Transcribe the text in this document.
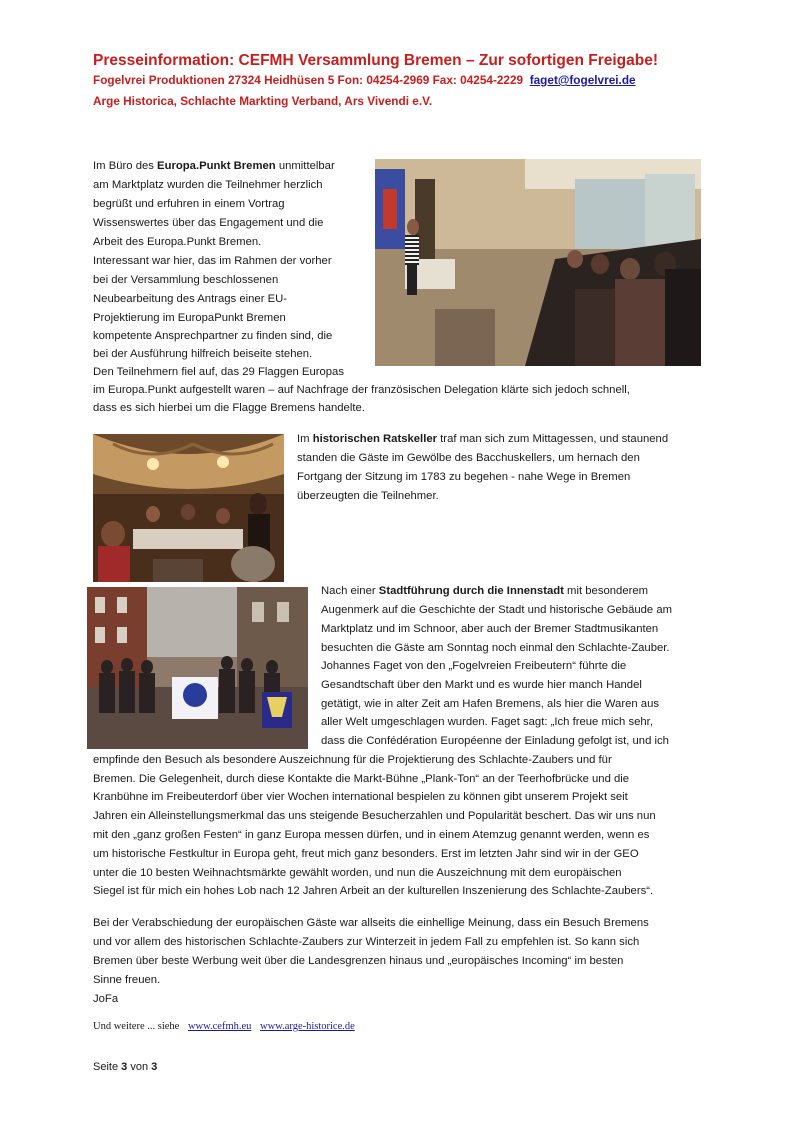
Presseinformation: CEFMH Versammlung Bremen – Zur sofortigen Freigabe!
Fogelvrei Produktionen 27324 Heidhüsen 5 Fon: 04254-2969 Fax: 04254-2229 faget@fogelvrei.de
Arge Historica, Schlachte Markting Verband, Ars Vivendi e.V.
Im Büro des Europa.Punkt Bremen unmittelbar
am Marktplatz wurden die Teilnehmer herzlich
begrüßt und erfuhren in einem Vortrag
Wissenswertes über das Engagement und die
Arbeit des Europa.Punkt Bremen.
Interessant war hier, das im Rahmen der vorher
bei der Versammlung beschlossenen
Neubearbeitung des Antrags einer EU-
Projektierung im EuropaPunkt Bremen
kompetente Ansprechpartner zu finden sind, die
bei der Ausführung hilfreich beiseite stehen.
Den Teilnehmern fiel auf, das 29 Flaggen Europas
im Europa.Punkt aufgestellt waren – auf Nachfrage der französischen Delegation klärte sich jedoch schnell,
dass es sich hierbei um die Flagge Bremens handelte.
Im historischen Ratskeller traf man sich zum Mittagessen, und staunend
standen die Gäste im Gewölbe des Bacchuskellers, um hernach den
Fortgang der Sitzung im 1783 zu begehen - nahe Wege in Bremen
überzeugten die Teilnehmer.
Nach einer Stadtführung durch die Innenstadt mit besonderem
Augenmerk auf die Geschichte der Stadt und historische Gebäude am
Marktplatz und im Schnoor, aber auch der Bremer Stadtmusikanten
besuchten die Gäste am Sonntag noch einmal den Schlachte-Zauber.
Johannes Faget von den „Fogelvreien Freibeutern“ führte die
Gesandtschaft über den Markt und es wurde hier manch Handel
getätigt, wie in alter Zeit am Hafen Bremens, als hier die Waren aus
aller Welt umgeschlagen wurden. Faget sagt: „Ich freue mich sehr,
dass die Confédération Européenne der Einladung gefolgt ist, und ich
empfinde den Besuch als besondere Auszeichnung für die Projektierung des Schlachte-Zaubers und für
Bremen. Die Gelegenheit, durch diese Kontakte die Markt-Bühne „Plank-Ton“ an der Teerhofbrücke und die
Kranbühne im Freibeuterdorf über vier Wochen international bespielen zu können gibt unserem Projekt seit
Jahren ein Alleinstellungsmerkmal das uns steigende Besucherzahlen und Popularität beschert. Das wir uns nun
mit den „ganz großen Festen“ in ganz Europa messen dürfen, und in einem Atemzug genannt werden, wenn es
um historische Festkultur in Europa geht, freut mich ganz besonders. Erst im letzten Jahr sind wir in der GEO
unter die 10 besten Weihnachtsmärkte gewählt worden, und nun die Auszeichnung mit dem europäischen
Siegel ist für mich ein hohes Lob nach 12 Jahren Arbeit an der kulturellen Inszenierung des Schlachte-Zaubers“.
Bei der Verabschiedung der europäischen Gäste war allseits die einhellige Meinung, dass ein Besuch Bremens
und vor allem des historischen Schlachte-Zaubers zur Winterzeit in jedem Fall zu empfehlen ist. So kann sich
Bremen über beste Werbung weit über die Landesgrenzen hinaus und „europäisches Incoming“ im besten
Sinne freuen.
JoFa
Und weitere ... siehe www.cefmh.eu www.arge-historice.de
Seite 3 von 3
